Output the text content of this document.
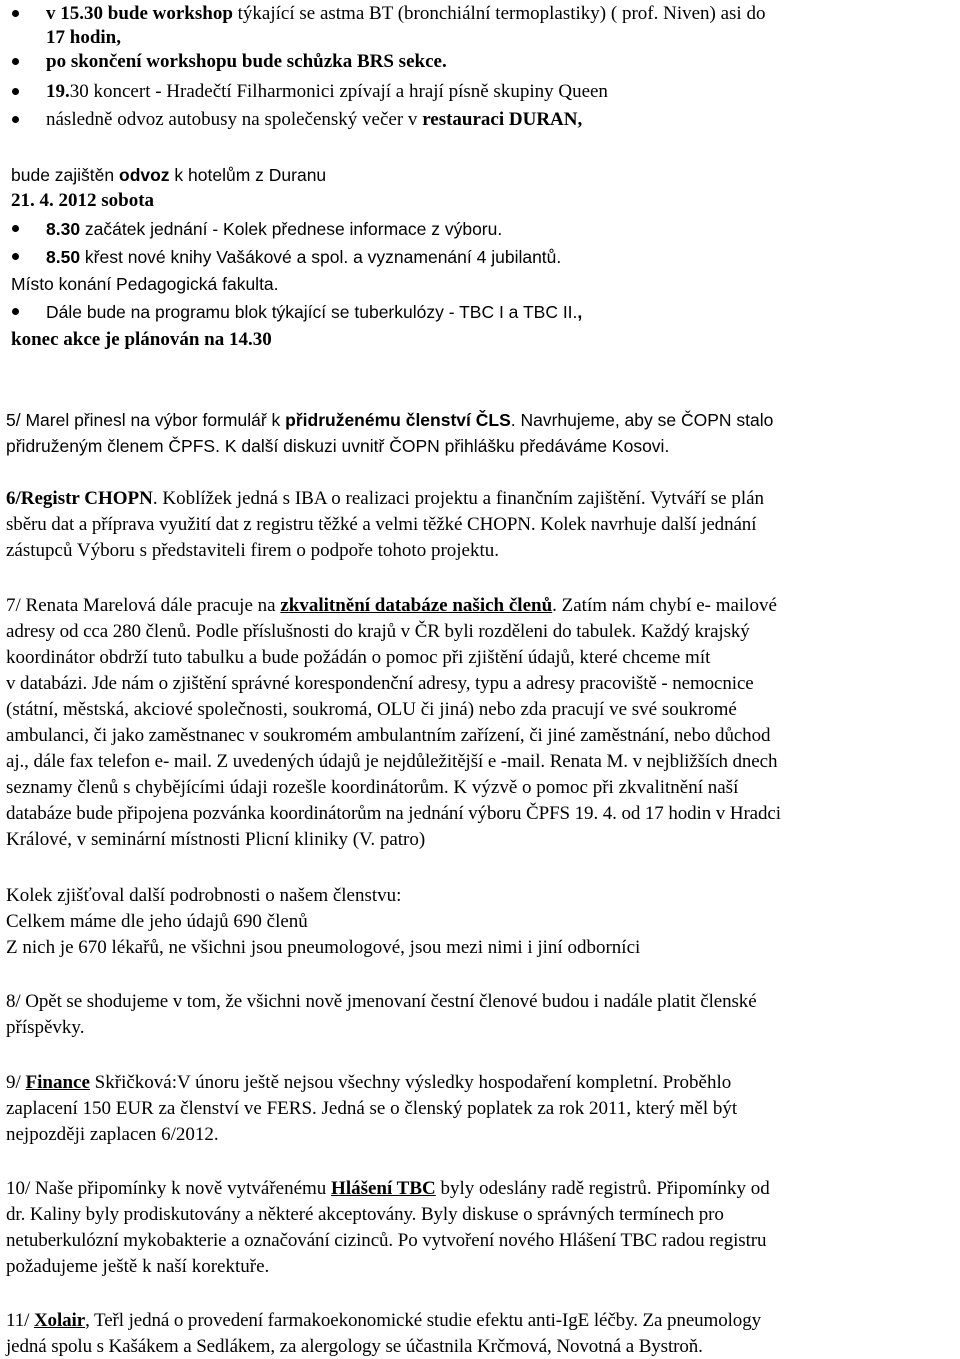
v 15.30 bude workshop týkající se astma BT (bronchiální termoplastiky) ( prof. Niven) asi do
17 hodin,
po skončení workshopu bude schůzka BRS sekce.
19.30 koncert - Hradečtí Filharmonici zpívají a hrají písně skupiny Queen
následně odvoz autobusy na společenský večer v restauraci DURAN,
bude zajištěn odvoz k hotelům z Duranu
21. 4. 2012 sobota
8.30 začátek jednání - Kolek přednese informace z výboru.
8.50 křest nové knihy Vašákové a spol. a vyznamenání 4 jubilantů.
Místo konání Pedagogická fakulta.
Dále bude na programu blok týkající se tuberkulózy - TBC I a TBC II.,
konec akce je plánován na 14.30
5/ Marel přinesl na výbor formulář k přidruženému členství ČLS. Navrhujeme, aby se ČOPN stalo
přidruženým členem ČPFS. K další diskuzi uvnitř ČOPN přihlášku předáváme Kosovi.
6/Registr CHOPN. Koblížek jedná s IBA o realizaci projektu a finančním zajištění. Vytváří se plán
sběru dat a příprava využití dat z registru těžké a velmi těžké CHOPN. Kolek navrhuje další jednání
zástupců Výboru s představiteli firem o podpoře tohoto projektu.
7/ Renata Marelová dále pracuje na zkvalitnění databáze našich členů. Zatím nám chybí e- mailové
adresy od cca 280 členů. Podle příslušnosti do krajů v ČR byli rozděleni do tabulek. Každý krajský
koordinátor obdrží tuto tabulku a bude požádán o pomoc při zjištění údajů, které chceme mít
v databázi. Jde nám o zjištění správné korespondenční adresy, typu a adresy pracoviště - nemocnice
(státní, městská, akciové společnosti, soukromá, OLU či jiná) nebo zda pracují ve své soukromé
ambulanci, či jako zaměstnanec v soukromém ambulantním zařízení, či jiné zaměstnání, nebo důchod
aj., dále fax telefon e- mail. Z uvedených údajů je nejdůležitější e -mail. Renata M. v nejbližších dnech
seznamy členů s chybějícími údaji rozešle koordinátorům. K výzvě o pomoc při zkvalitnění naší
databáze bude připojena pozvánka koordinátorům na jednání výboru ČPFS 19. 4. od 17 hodin v Hradci
Králové, v seminární místnosti Plicní kliniky (V. patro)
Kolek zjišťoval další podrobnosti o našem členstvu:
Celkem máme dle jeho údajů 690 členů
Z nich je 670 lékařů, ne všichni jsou pneumologové, jsou mezi nimi i jiní odborníci
8/ Opět se shodujeme v tom, že všichni nově jmenovaní čestní členové budou i nadále platit členské
příspěvky.
9/ Finance Skřičková:V únoru ještě nejsou všechny výsledky hospodaření kompletní. Proběhlo
zaplacení 150 EUR za členství ve FERS. Jedná se o členský poplatek za rok 2011, který měl být
nejpozději zaplacen 6/2012.
10/ Naše připomínky k nově vytvářenému Hlášení TBC byly odeslány radě registrů. Připomínky od
dr. Kaliny byly prodiskutovány a některé akceptovány. Byly diskuse o správných termínech pro
netuberkulózní mykobakterie a označování cizinců. Po vytvoření nového Hlášení TBC radou registru
požadujeme ještě k naší korektuře.
11/ Xolair, Teřl jedná o provedení farmakoekonomické studie efektu anti-IgE léčby. Za pneumology
jedná spolu s Kašákem a Sedlákem, za alergology se účastnila Krčmová, Novotná a Bystroň.
